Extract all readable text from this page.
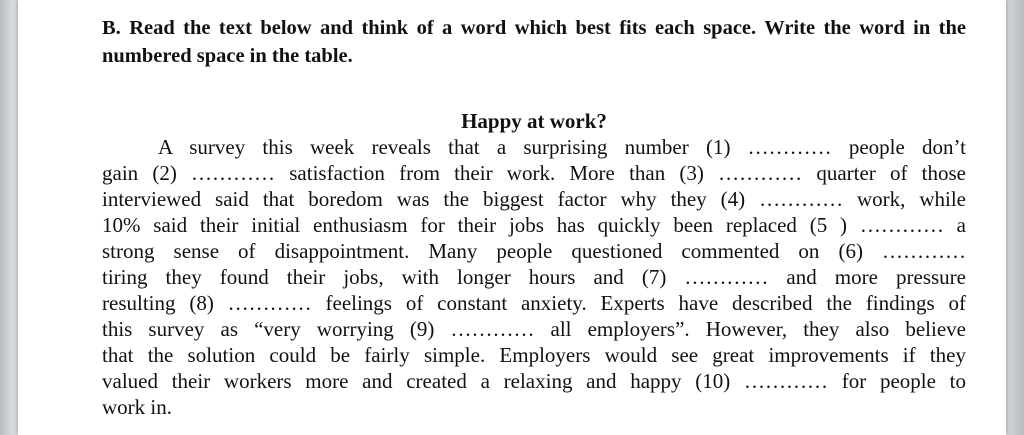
B. Read the text below and think of a word which best fits each space. Write the word in the numbered space in the table.

Happy at work?
A survey this week reveals that a surprising number (1) ………… people don’t
gain (2) ………… satisfaction from their work. More than (3) ………… quarter of those
interviewed said that boredom was the biggest factor why they (4) ………… work, while
10% said their initial enthusiasm for their jobs has quickly been replaced (5 ) ………… a
strong sense of disappointment. Many people questioned commented on (6) …………
tiring they found their jobs, with longer hours and (7) ………… and more pressure
resulting (8) ………… feelings of constant anxiety. Experts have described the findings of
this survey as “very worrying (9) ………… all employers”. However, they also believe
that the solution could be fairly simple. Employers would see great improvements if they
valued their workers more and created a relaxing and happy (10) ………… for people to
work in.
